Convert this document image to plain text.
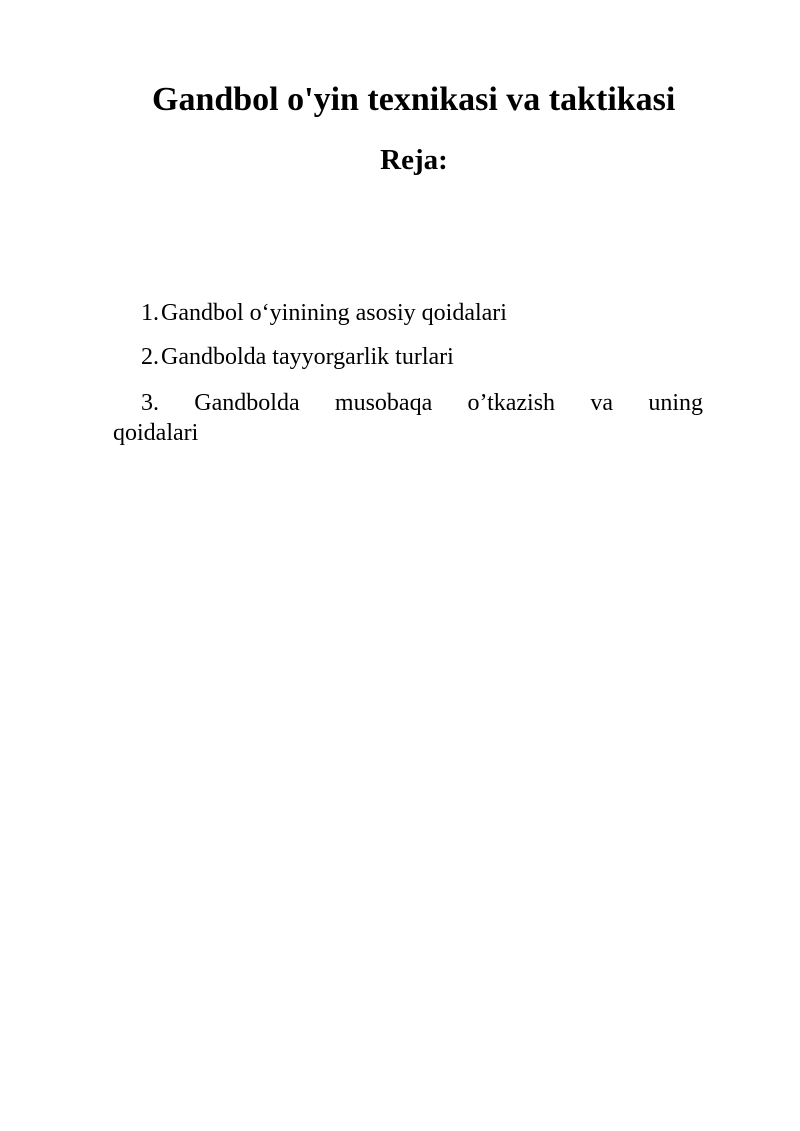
Gandbol o'yin texnikasi va taktikasi
Reja:
1. Gandbol o‘yinining asosiy qoidalari
2. Gandbolda tayyorgarlik turlari
3. Gandbolda musobaqa o’tkazish va uning
qoidalari
